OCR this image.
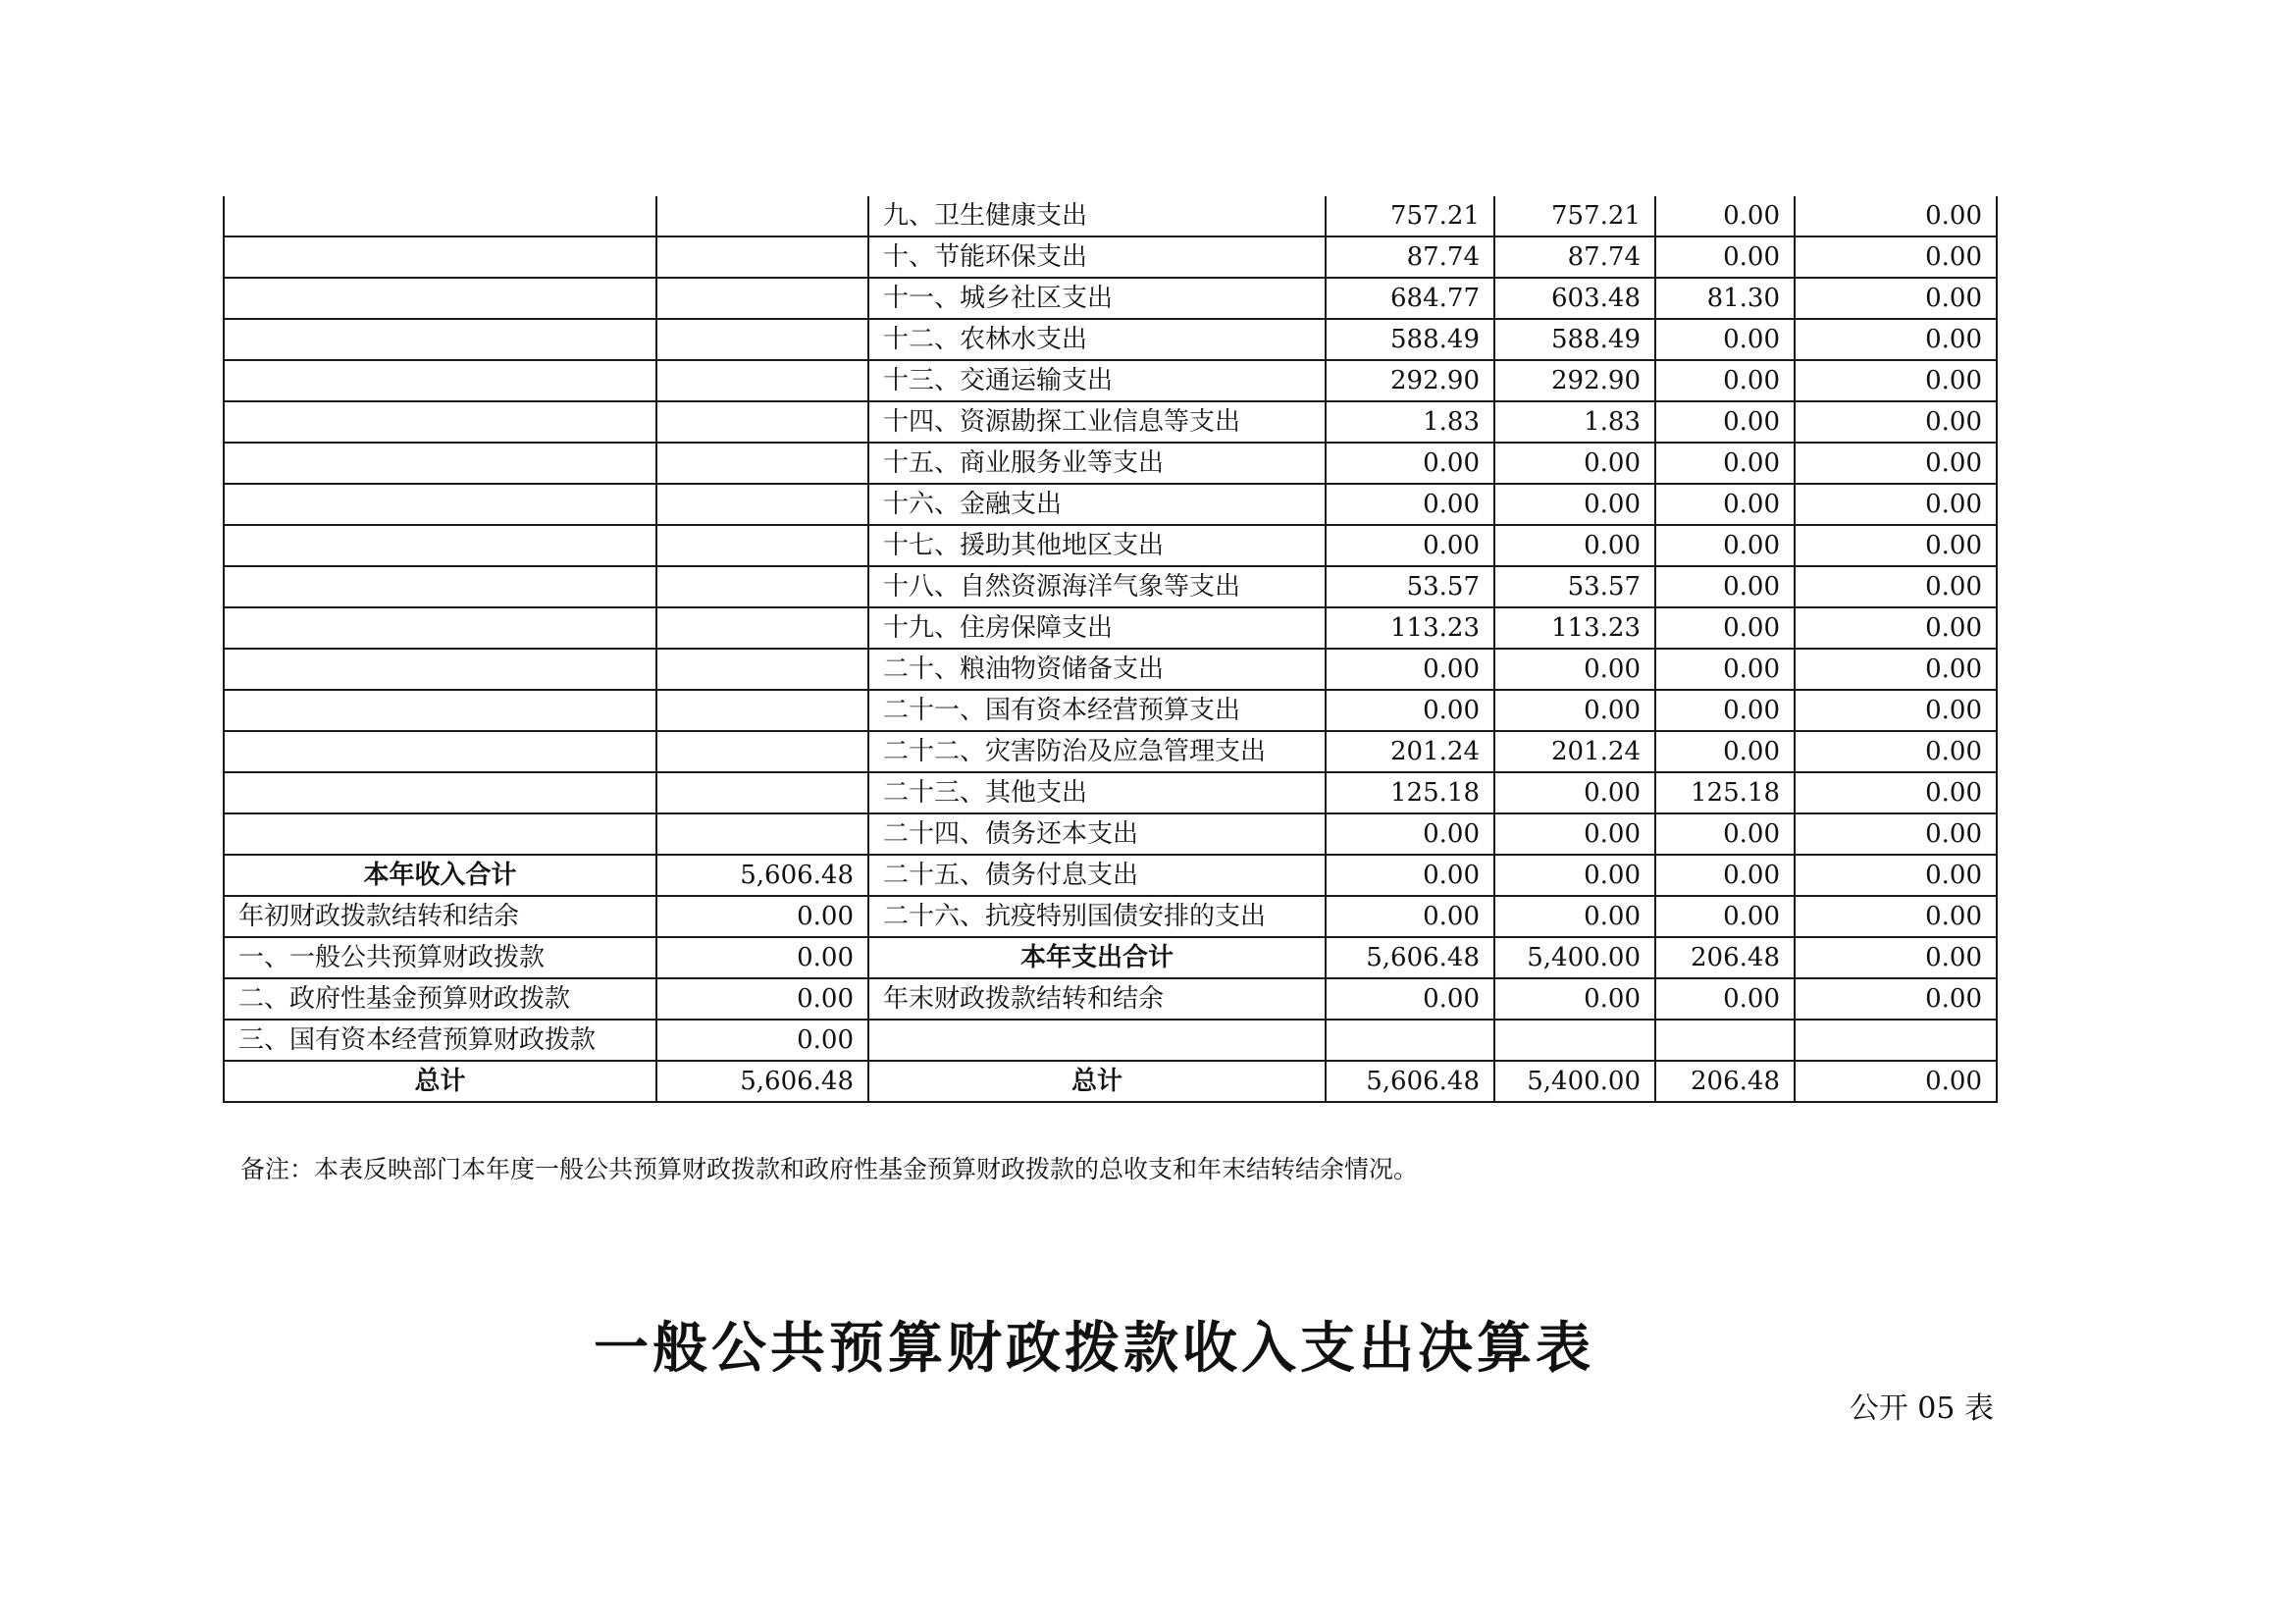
		九、卫生健康支出	757.21	757.21	0.00	0.00
		十、节能环保支出	87.74	87.74	0.00	0.00
		十一、城乡社区支出	684.77	603.48	81.30	0.00
		十二、农林水支出	588.49	588.49	0.00	0.00
		十三、交通运输支出	292.90	292.90	0.00	0.00
		十四、资源勘探工业信息等支出	1.83	1.83	0.00	0.00
		十五、商业服务业等支出	0.00	0.00	0.00	0.00
		十六、金融支出	0.00	0.00	0.00	0.00
		十七、援助其他地区支出	0.00	0.00	0.00	0.00
		十八、自然资源海洋气象等支出	53.57	53.57	0.00	0.00
		十九、住房保障支出	113.23	113.23	0.00	0.00
		二十、粮油物资储备支出	0.00	0.00	0.00	0.00
		二十一、国有资本经营预算支出	0.00	0.00	0.00	0.00
		二十二、灾害防治及应急管理支出	201.24	201.24	0.00	0.00
		二十三、其他支出	125.18	0.00	125.18	0.00
		二十四、债务还本支出	0.00	0.00	0.00	0.00
本年收入合计	5,606.48	二十五、债务付息支出	0.00	0.00	0.00	0.00
年初财政拨款结转和结余	0.00	二十六、抗疫特别国债安排的支出	0.00	0.00	0.00	0.00
一、一般公共预算财政拨款	0.00	本年支出合计	5,606.48	5,400.00	206.48	0.00
二、政府性基金预算财政拨款	0.00	年末财政拨款结转和结余	0.00	0.00	0.00	0.00
三、国有资本经营预算财政拨款	0.00					
总计	5,606.48	总计	5,606.48	5,400.00	206.48	0.00
备注：本表反映部门本年度一般公共预算财政拨款和政府性基金预算财政拨款的总收支和年末结转结余情况。
一般公共预算财政拨款收入支出决算表
公开 05 表
